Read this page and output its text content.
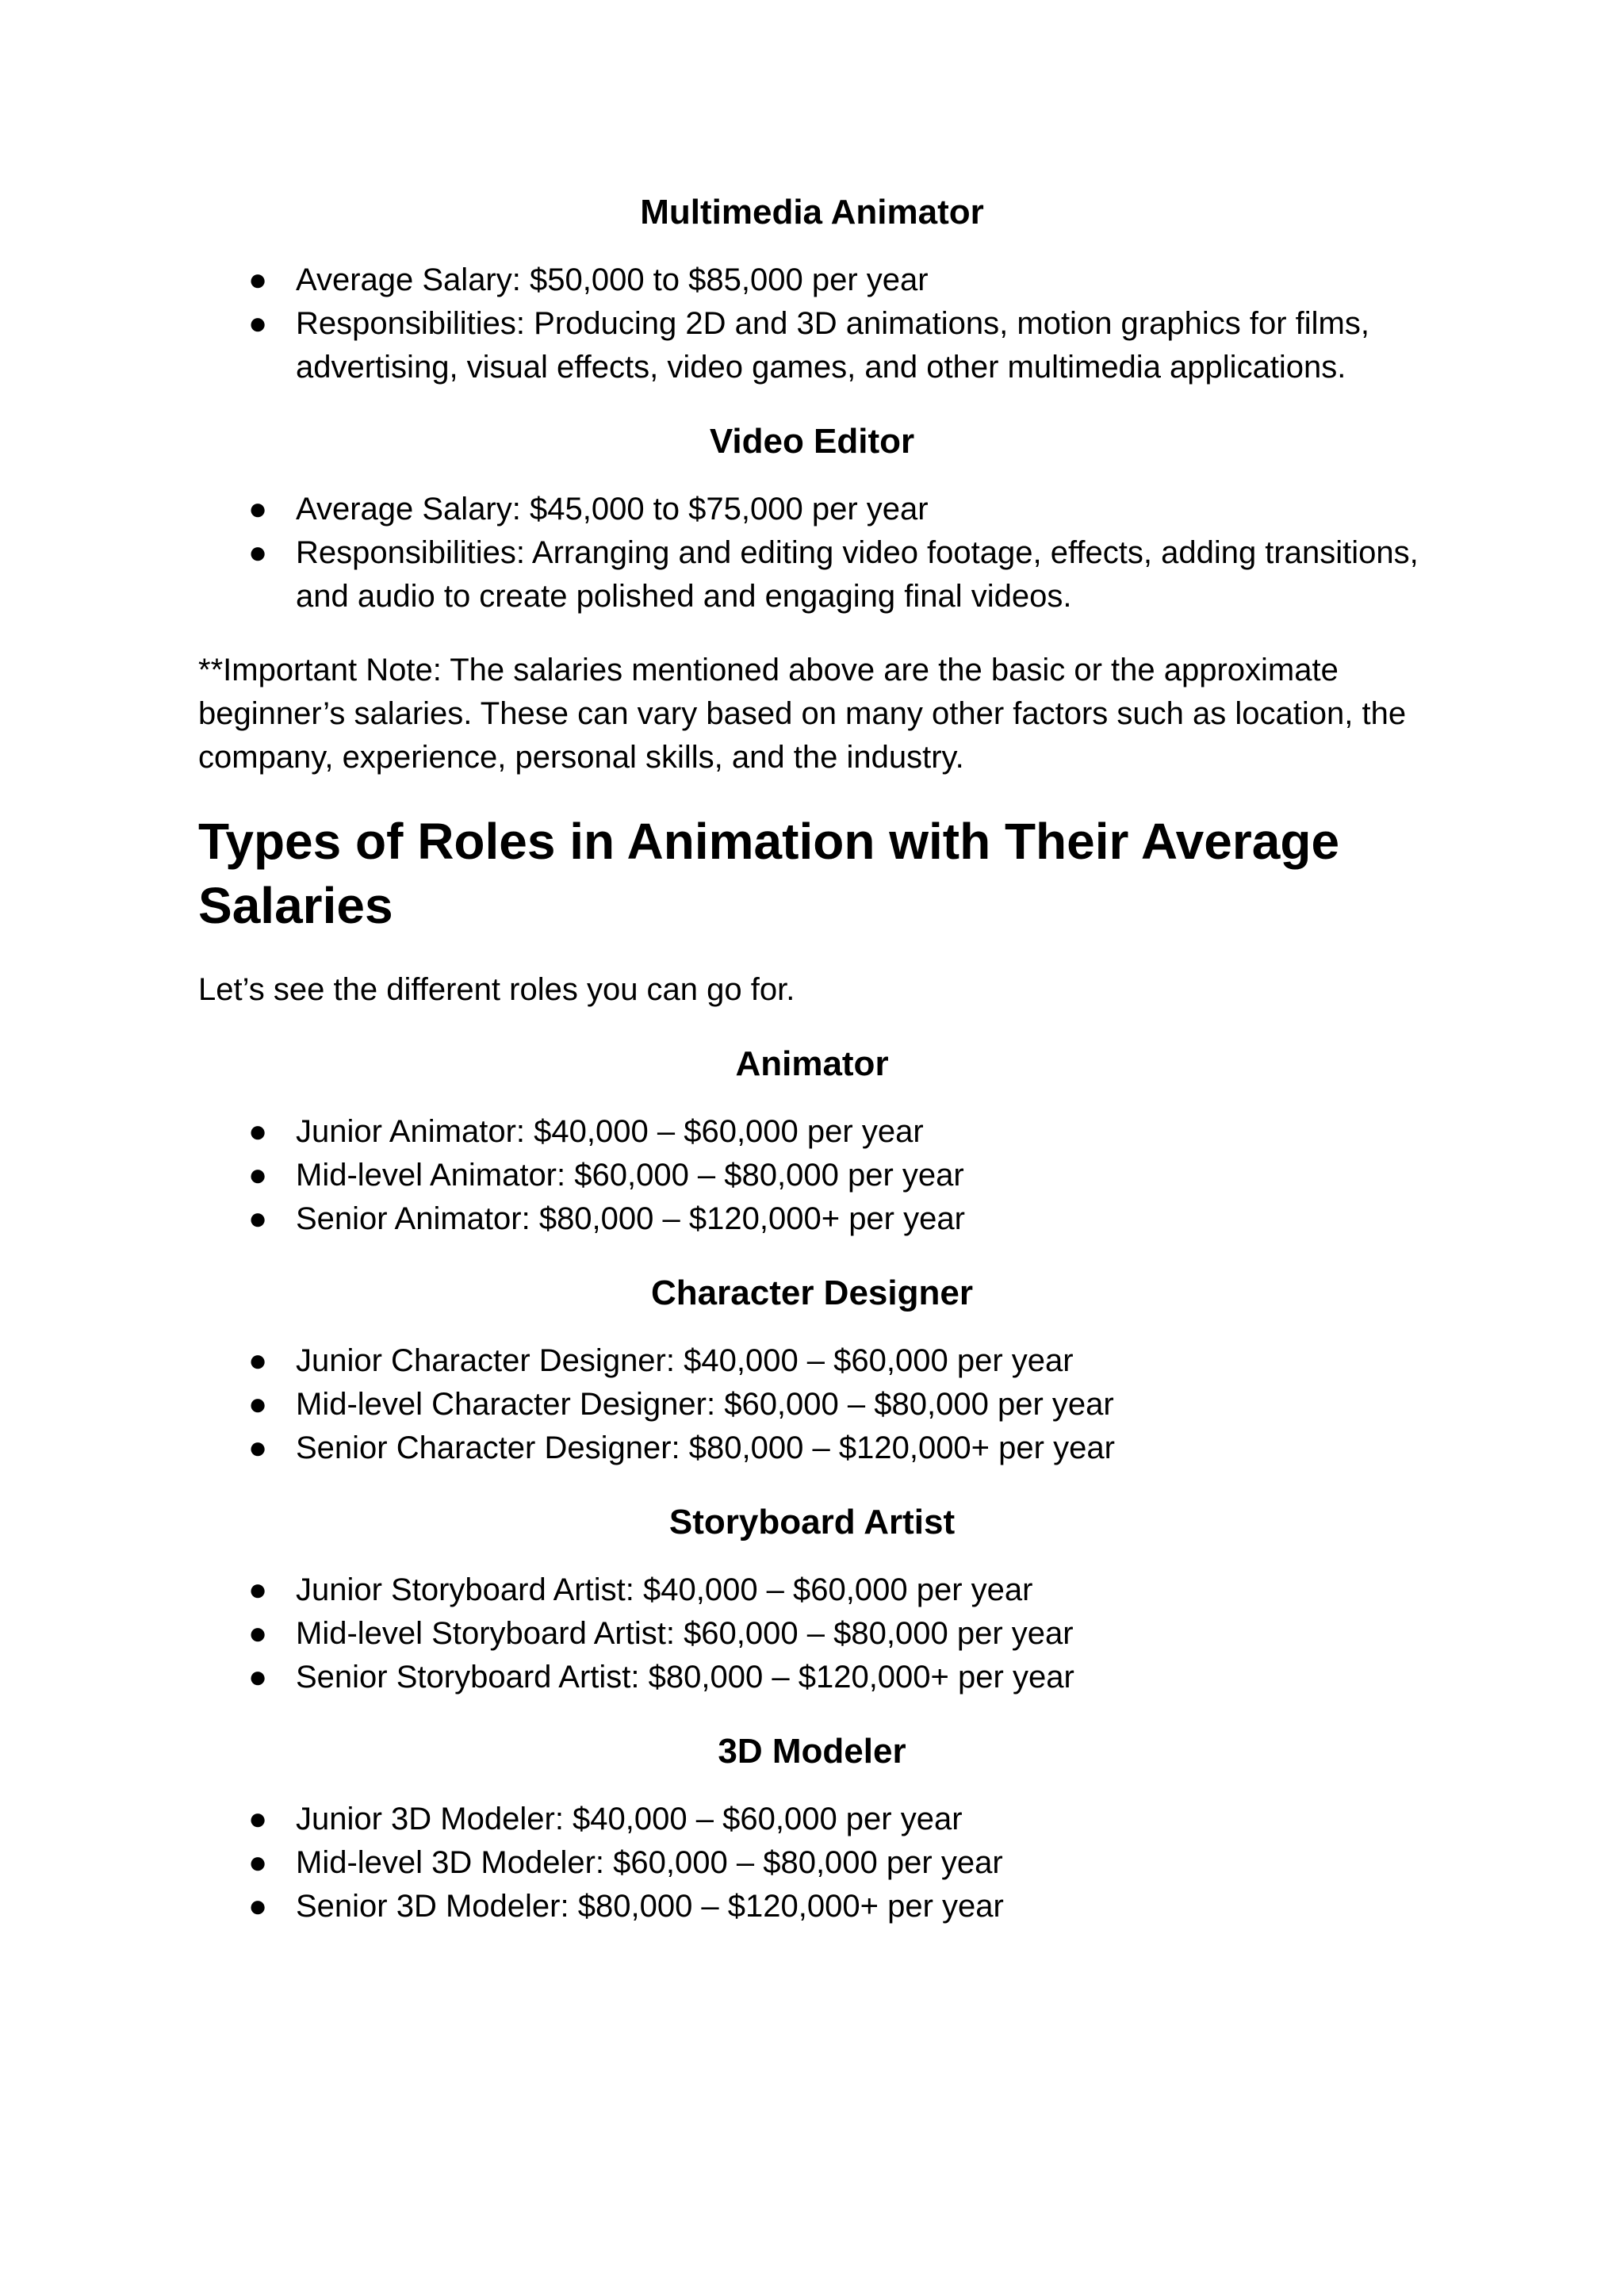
Multimedia Animator
● Average Salary: $50,000 to $85,000 per year
● Responsibilities: Producing 2D and 3D animations, motion graphics for films, advertising, visual effects, video games, and other multimedia applications.
Video Editor
● Average Salary: $45,000 to $75,000 per year
● Responsibilities: Arranging and editing video footage, effects, adding transitions, and audio to create polished and engaging final videos.

**Important Note: The salaries mentioned above are the basic or the approximate beginner’s salaries. These can vary based on many other factors such as location, the company, experience, personal skills, and the industry.

Types of Roles in Animation with Their Average Salaries

Let’s see the different roles you can go for.

Animator
● Junior Animator: $40,000 – $60,000 per year
● Mid-level Animator: $60,000 – $80,000 per year
● Senior Animator: $80,000 – $120,000+ per year
Character Designer
● Junior Character Designer: $40,000 – $60,000 per year
● Mid-level Character Designer: $60,000 – $80,000 per year
● Senior Character Designer: $80,000 – $120,000+ per year
Storyboard Artist
● Junior Storyboard Artist: $40,000 – $60,000 per year
● Mid-level Storyboard Artist: $60,000 – $80,000 per year
● Senior Storyboard Artist: $80,000 – $120,000+ per year
3D Modeler
● Junior 3D Modeler: $40,000 – $60,000 per year
● Mid-level 3D Modeler: $60,000 – $80,000 per year
● Senior 3D Modeler: $80,000 – $120,000+ per year
